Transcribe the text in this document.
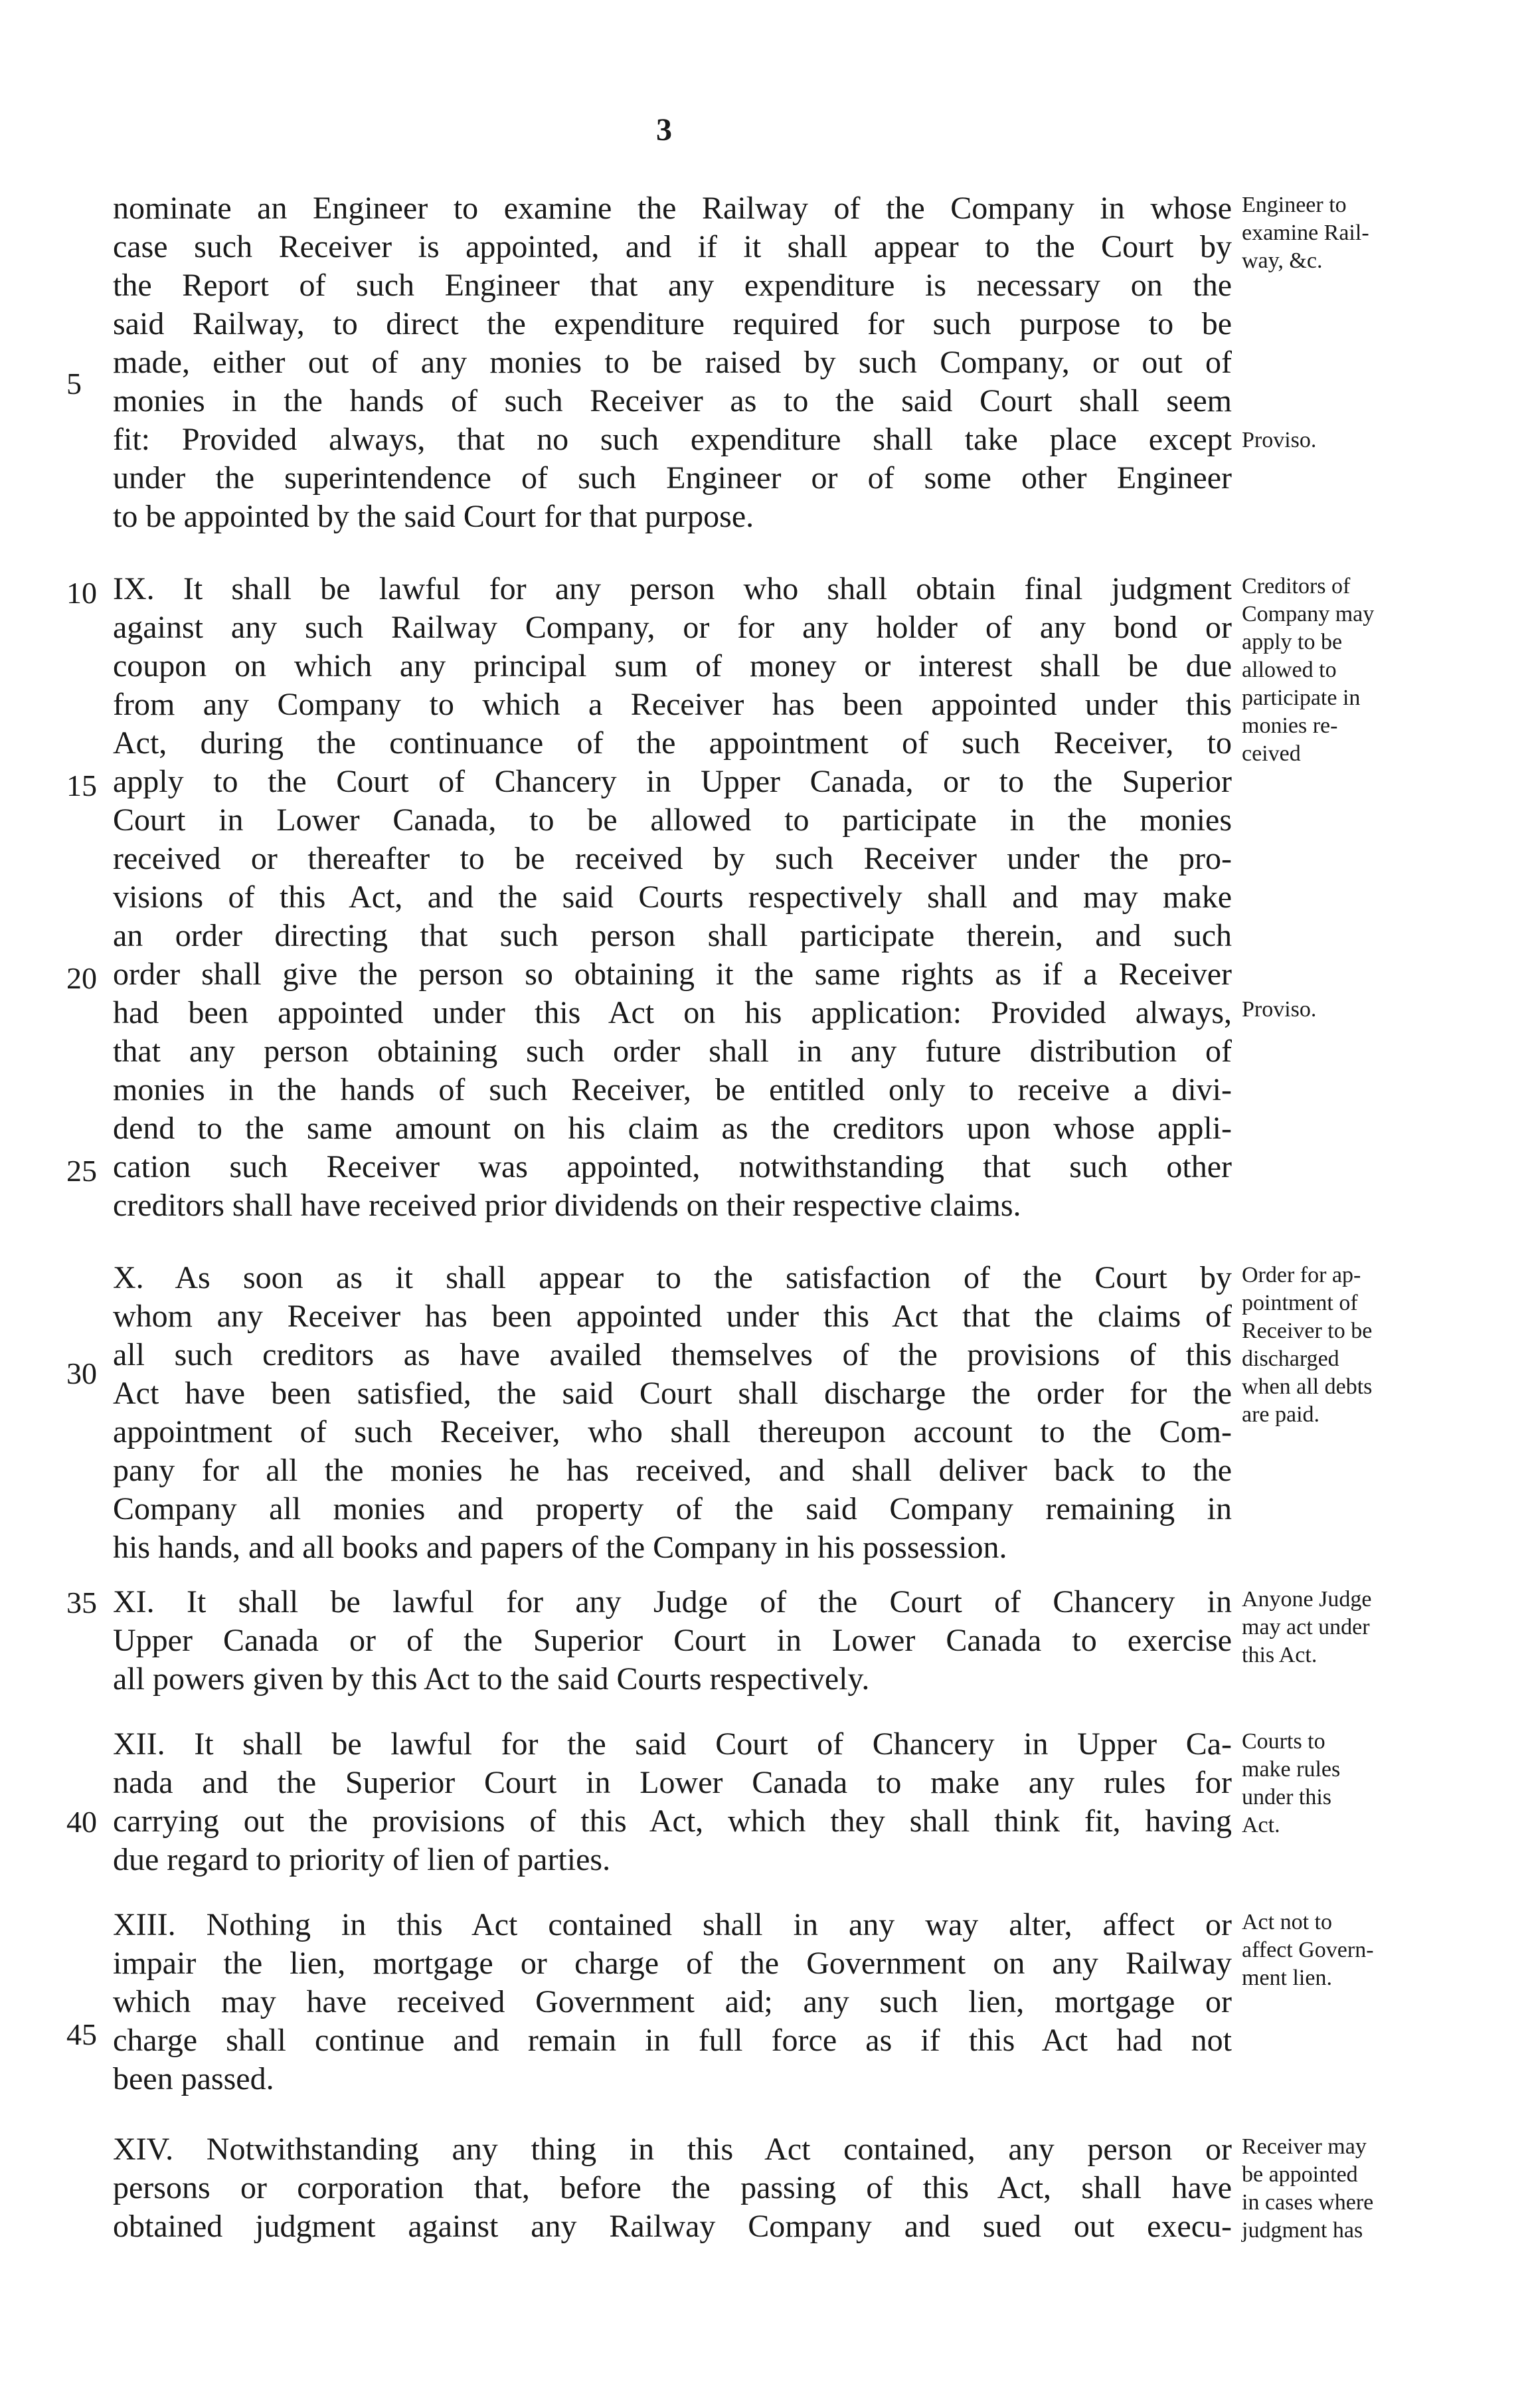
3
5
10
15
20
25
30
35
40
45
nominate an Engineer to examine the Railway of the Company in whose
case such Receiver is appointed, and if it shall appear to the Court by
the Report of such Engineer that any expenditure is necessary on the
said Railway, to direct the expenditure required for such purpose to be
made, either out of any monies to be raised by such Company, or out of
monies in the hands of such Receiver as to the said Court shall seem
fit: Provided always, that no such expenditure shall take place except
under the superintendence of such Engineer or of some other Engineer
to be appointed by the said Court for that purpose.
Engineer to
examine Rail-
way, &c.
Proviso.
IX. It shall be lawful for any person who shall obtain final judgment
against any such Railway Company, or for any holder of any bond or
coupon on which any principal sum of money or interest shall be due
from any Company to which a Receiver has been appointed under this
Act, during the continuance of the appointment of such Receiver, to
apply to the Court of Chancery in Upper Canada, or to the Superior
Court in Lower Canada, to be allowed to participate in the monies
received or thereafter to be received by such Receiver under the pro-
visions of this Act, and the said Courts respectively shall and may make
an order directing that such person shall participate therein, and such
order shall give the person so obtaining it the same rights as if a Receiver
had been appointed under this Act on his application: Provided always,
that any person obtaining such order shall in any future distribution of
monies in the hands of such Receiver, be entitled only to receive a divi-
dend to the same amount on his claim as the creditors upon whose appli-
cation such Receiver was appointed, notwithstanding that such other
creditors shall have received prior dividends on their respective claims.
Creditors of
Company may
apply to be
allowed to
participate in
monies re-
ceived
Proviso.
X. As soon as it shall appear to the satisfaction of the Court by
whom any Receiver has been appointed under this Act that the claims of
all such creditors as have availed themselves of the provisions of this
Act have been satisfied, the said Court shall discharge the order for the
appointment of such Receiver, who shall thereupon account to the Com-
pany for all the monies he has received, and shall deliver back to the
Company all monies and property of the said Company remaining in
his hands, and all books and papers of the Company in his possession.
Order for ap-
pointment of
Receiver to be
discharged
when all debts
are paid.
XI. It shall be lawful for any Judge of the Court of Chancery in
Upper Canada or of the Superior Court in Lower Canada to exercise
all powers given by this Act to the said Courts respectively.
Anyone Judge
may act under
this Act.
XII. It shall be lawful for the said Court of Chancery in Upper Ca-
nada and the Superior Court in Lower Canada to make any rules for
carrying out the provisions of this Act, which they shall think fit, having
due regard to priority of lien of parties.
Courts to
make rules
under this
Act.
XIII. Nothing in this Act contained shall in any way alter, affect or
impair the lien, mortgage or charge of the Government on any Railway
which may have received Government aid; any such lien, mortgage or
charge shall continue and remain in full force as if this Act had not
been passed.
Act not to
affect Govern-
ment lien.
XIV. Notwithstanding any thing in this Act contained, any person or
persons or corporation that, before the passing of this Act, shall have
obtained judgment against any Railway Company and sued out execu-
Receiver may
be appointed
in cases where
judgment has
